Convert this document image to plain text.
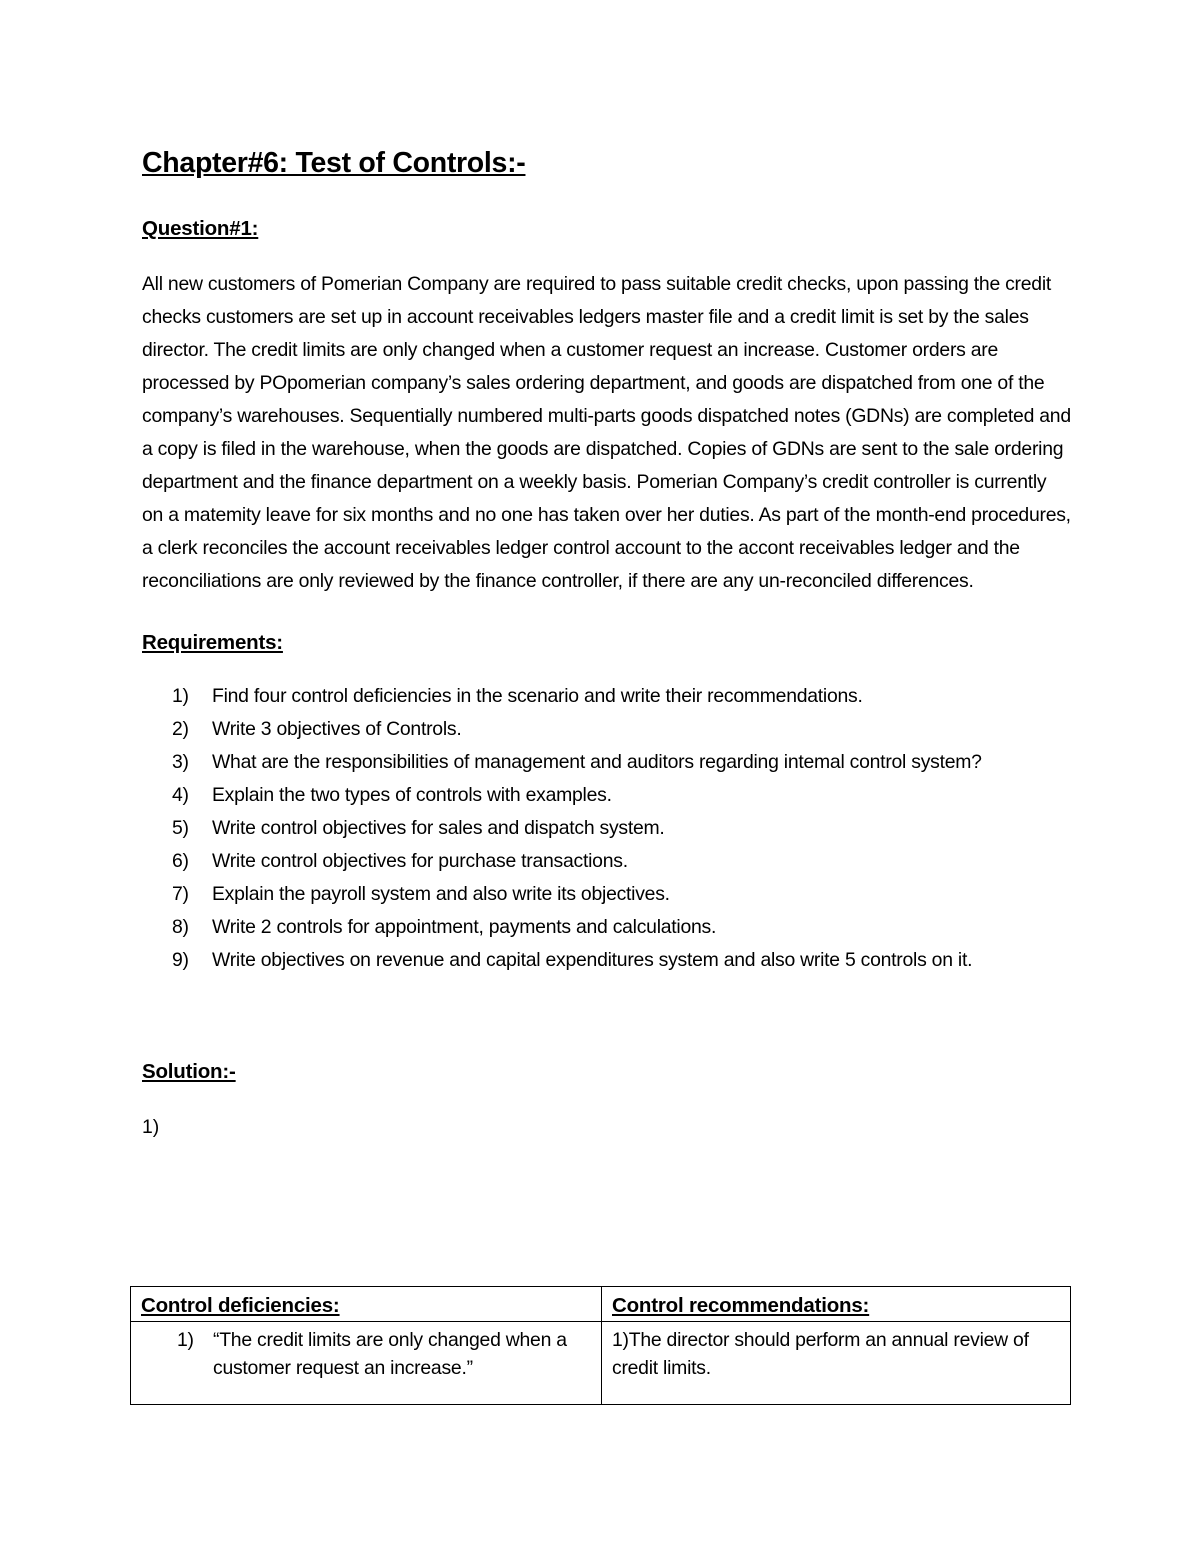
Chapter#6: Test of Controls:-
Question#1:

All new customers of Pomerian Company are required to pass suitable credit checks, upon passing the credit checks customers are set up in account receivables ledgers master file and a credit limit is set by the sales director. The credit limits are only changed when a customer request an increase. Customer orders are processed by POpomerian company’s sales ordering department, and goods are dispatched from one of the company’s warehouses. Sequentially numbered multi-parts goods dispatched notes (GDNs) are completed and a copy is filed in the warehouse, when the goods are dispatched. Copies of GDNs are sent to the sale ordering department and the finance department on a weekly basis. Pomerian Company’s credit controller is currently on a matemity leave for six months and no one has taken over her duties. As part of the month-end procedures, a clerk reconciles the account receivables ledger control account to the accont receivables ledger and the reconciliations are only reviewed by the finance controller, if there are any un-reconciled differences.

Requirements:
1)	Find four control deficiencies in the scenario and write their recommendations.
2)	Write 3 objectives of Controls.
3)	What are the responsibilities of management and auditors regarding intemal control system?
4)	Explain the two types of controls with examples.
5)	Write control objectives for sales and dispatch system.
6)	Write control objectives for purchase transactions.
7)	Explain the payroll system and also write its objectives.
8)	Write 2 controls for appointment, payments and calculations.
9)	Write objectives on revenue and capital expenditures system and also write 5 controls on it.
Solution:-
1)
Control deficiencies:	Control recommendations:

1) “The credit limits are only changed when a customer request an increase.”	1)The director should perform an annual review of credit limits.
